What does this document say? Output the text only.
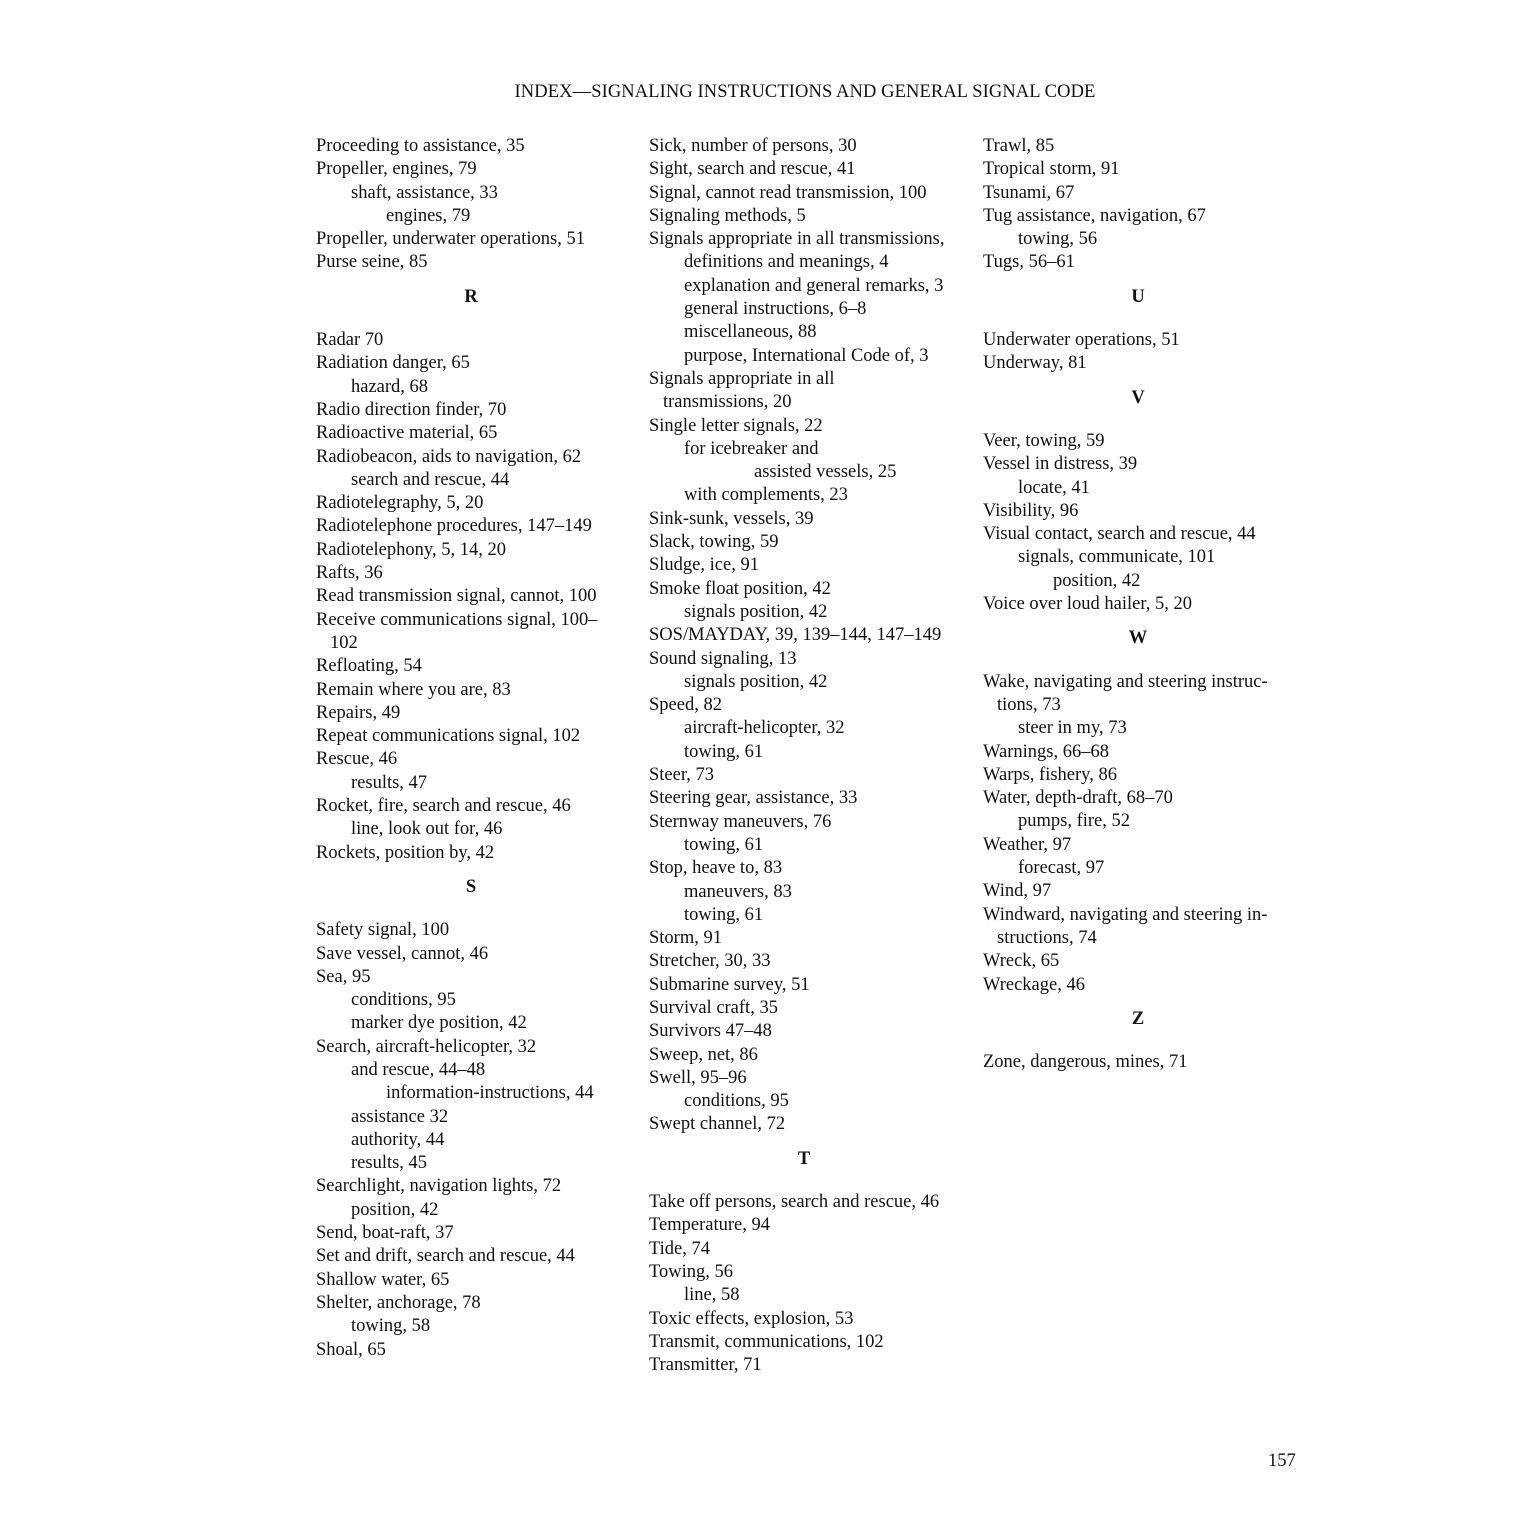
INDEX—SIGNALING INSTRUCTIONS AND GENERAL SIGNAL CODE
Proceeding to assistance, 35
Propeller, engines, 79
shaft, assistance, 33
engines, 79
Propeller, underwater operations, 51
Purse seine, 85
R
Radar 70
Radiation danger, 65
hazard, 68
Radio direction finder, 70
Radioactive material, 65
Radiobeacon, aids to navigation, 62
search and rescue, 44
Radiotelegraphy, 5, 20
Radiotelephone procedures, 147–149
Radiotelephony, 5, 14, 20
Rafts, 36
Read transmission signal, cannot, 100
Receive communications signal, 100–
102
Refloating, 54
Remain where you are, 83
Repairs, 49
Repeat communications signal, 102
Rescue, 46
results, 47
Rocket, fire, search and rescue, 46
line, look out for, 46
Rockets, position by, 42
S
Safety signal, 100
Save vessel, cannot, 46
Sea, 95
conditions, 95
marker dye position, 42
Search, aircraft-helicopter, 32
and rescue, 44–48
information-instructions, 44
assistance 32
authority, 44
results, 45
Searchlight, navigation lights, 72
position, 42
Send, boat-raft, 37
Set and drift, search and rescue, 44
Shallow water, 65
Shelter, anchorage, 78
towing, 58
Shoal, 65
Sick, number of persons, 30
Sight, search and rescue, 41
Signal, cannot read transmission, 100
Signaling methods, 5
Signals appropriate in all transmissions,
definitions and meanings, 4
explanation and general remarks, 3
general instructions, 6–8
miscellaneous, 88
purpose, International Code of, 3
Signals appropriate in all
transmissions, 20
Single letter signals, 22
for icebreaker and
assisted vessels, 25
with complements, 23
Sink-sunk, vessels, 39
Slack, towing, 59
Sludge, ice, 91
Smoke float position, 42
signals position, 42
SOS/MAYDAY, 39, 139–144, 147–149
Sound signaling, 13
signals position, 42
Speed, 82
aircraft-helicopter, 32
towing, 61
Steer, 73
Steering gear, assistance, 33
Sternway maneuvers, 76
towing, 61
Stop, heave to, 83
maneuvers, 83
towing, 61
Storm, 91
Stretcher, 30, 33
Submarine survey, 51
Survival craft, 35
Survivors 47–48
Sweep, net, 86
Swell, 95–96
conditions, 95
Swept channel, 72
T
Take off persons, search and rescue, 46
Temperature, 94
Tide, 74
Towing, 56
line, 58
Toxic effects, explosion, 53
Transmit, communications, 102
Transmitter, 71
Trawl, 85
Tropical storm, 91
Tsunami, 67
Tug assistance, navigation, 67
towing, 56
Tugs, 56–61
U
Underwater operations, 51
Underway, 81
V
Veer, towing, 59
Vessel in distress, 39
locate, 41
Visibility, 96
Visual contact, search and rescue, 44
signals, communicate, 101
position, 42
Voice over loud hailer, 5, 20
W
Wake, navigating and steering instruc-
tions, 73
steer in my, 73
Warnings, 66–68
Warps, fishery, 86
Water, depth-draft, 68–70
pumps, fire, 52
Weather, 97
forecast, 97
Wind, 97
Windward, navigating and steering in-
structions, 74
Wreck, 65
Wreckage, 46
Z
Zone, dangerous, mines, 71
157
